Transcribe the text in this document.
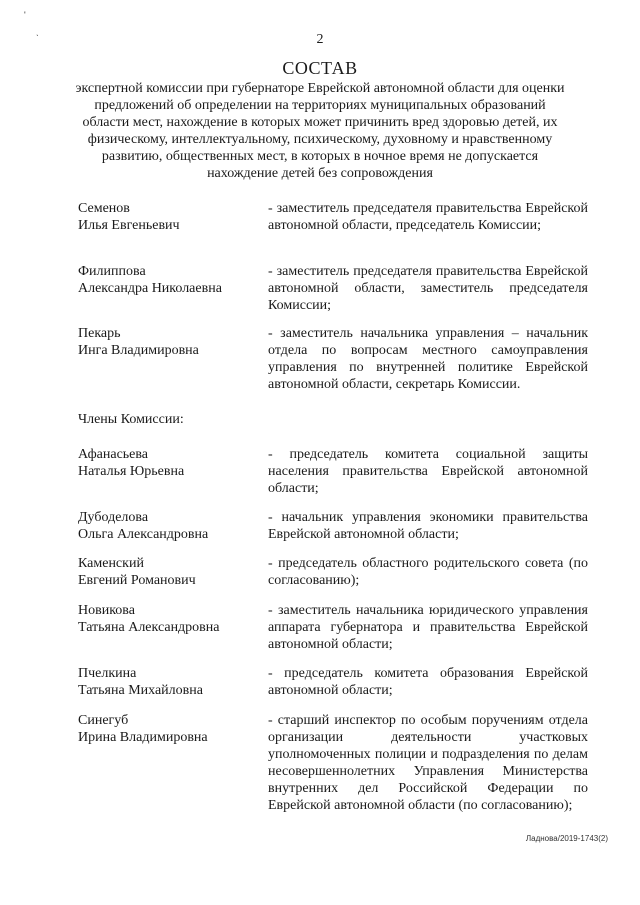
'
ˎ
2
СОСТАВ
экспертной комиссии при губернаторе Еврейской автономной области для оценки предложений об определении на территориях муниципальных образований области мест, нахождение в которых может причинить вред здоровью детей, их физическому, интеллектуальному, психическому, духовному и нравственному развитию, общественных мест, в которых в ночное время не допускается нахождение детей без сопровождения
Семенов
Илья Евгеньевич
- заместитель председателя правительства Еврейской автономной области, председатель Комиссии;
Филиппова
Александра Николаевна
- заместитель председателя правительства Еврейской автономной области, заместитель председателя Комиссии;
Пекарь
Инга Владимировна
- заместитель начальника управления – начальник отдела по вопросам местного самоуправления управления по внутренней политике Еврейской автономной области, секретарь Комиссии.
Члены Комиссии:
Афанасьева
Наталья Юрьевна
- председатель комитета социальной защиты населения правительства Еврейской автономной области;
Дубоделова
Ольга Александровна
- начальник управления экономики правительства Еврейской автономной области;
Каменский
Евгений Романович
- председатель областного родительского совета (по согласованию);
Новикова
Татьяна Александровна
- заместитель начальника юридического управления аппарата губернатора и правительства Еврейской автономной области;
Пчелкина
Татьяна Михайловна
- председатель комитета образования Еврейской автономной области;
Синегуб
Ирина Владимировна
- старший инспектор по особым поручениям отдела организации деятельности участковых уполномоченных полиции и подразделения по делам несовершеннолетних Управления Министерства внутренних дел Российской Федерации по Еврейской автономной области (по согласованию);
Ладнова/2019-1743(2)
